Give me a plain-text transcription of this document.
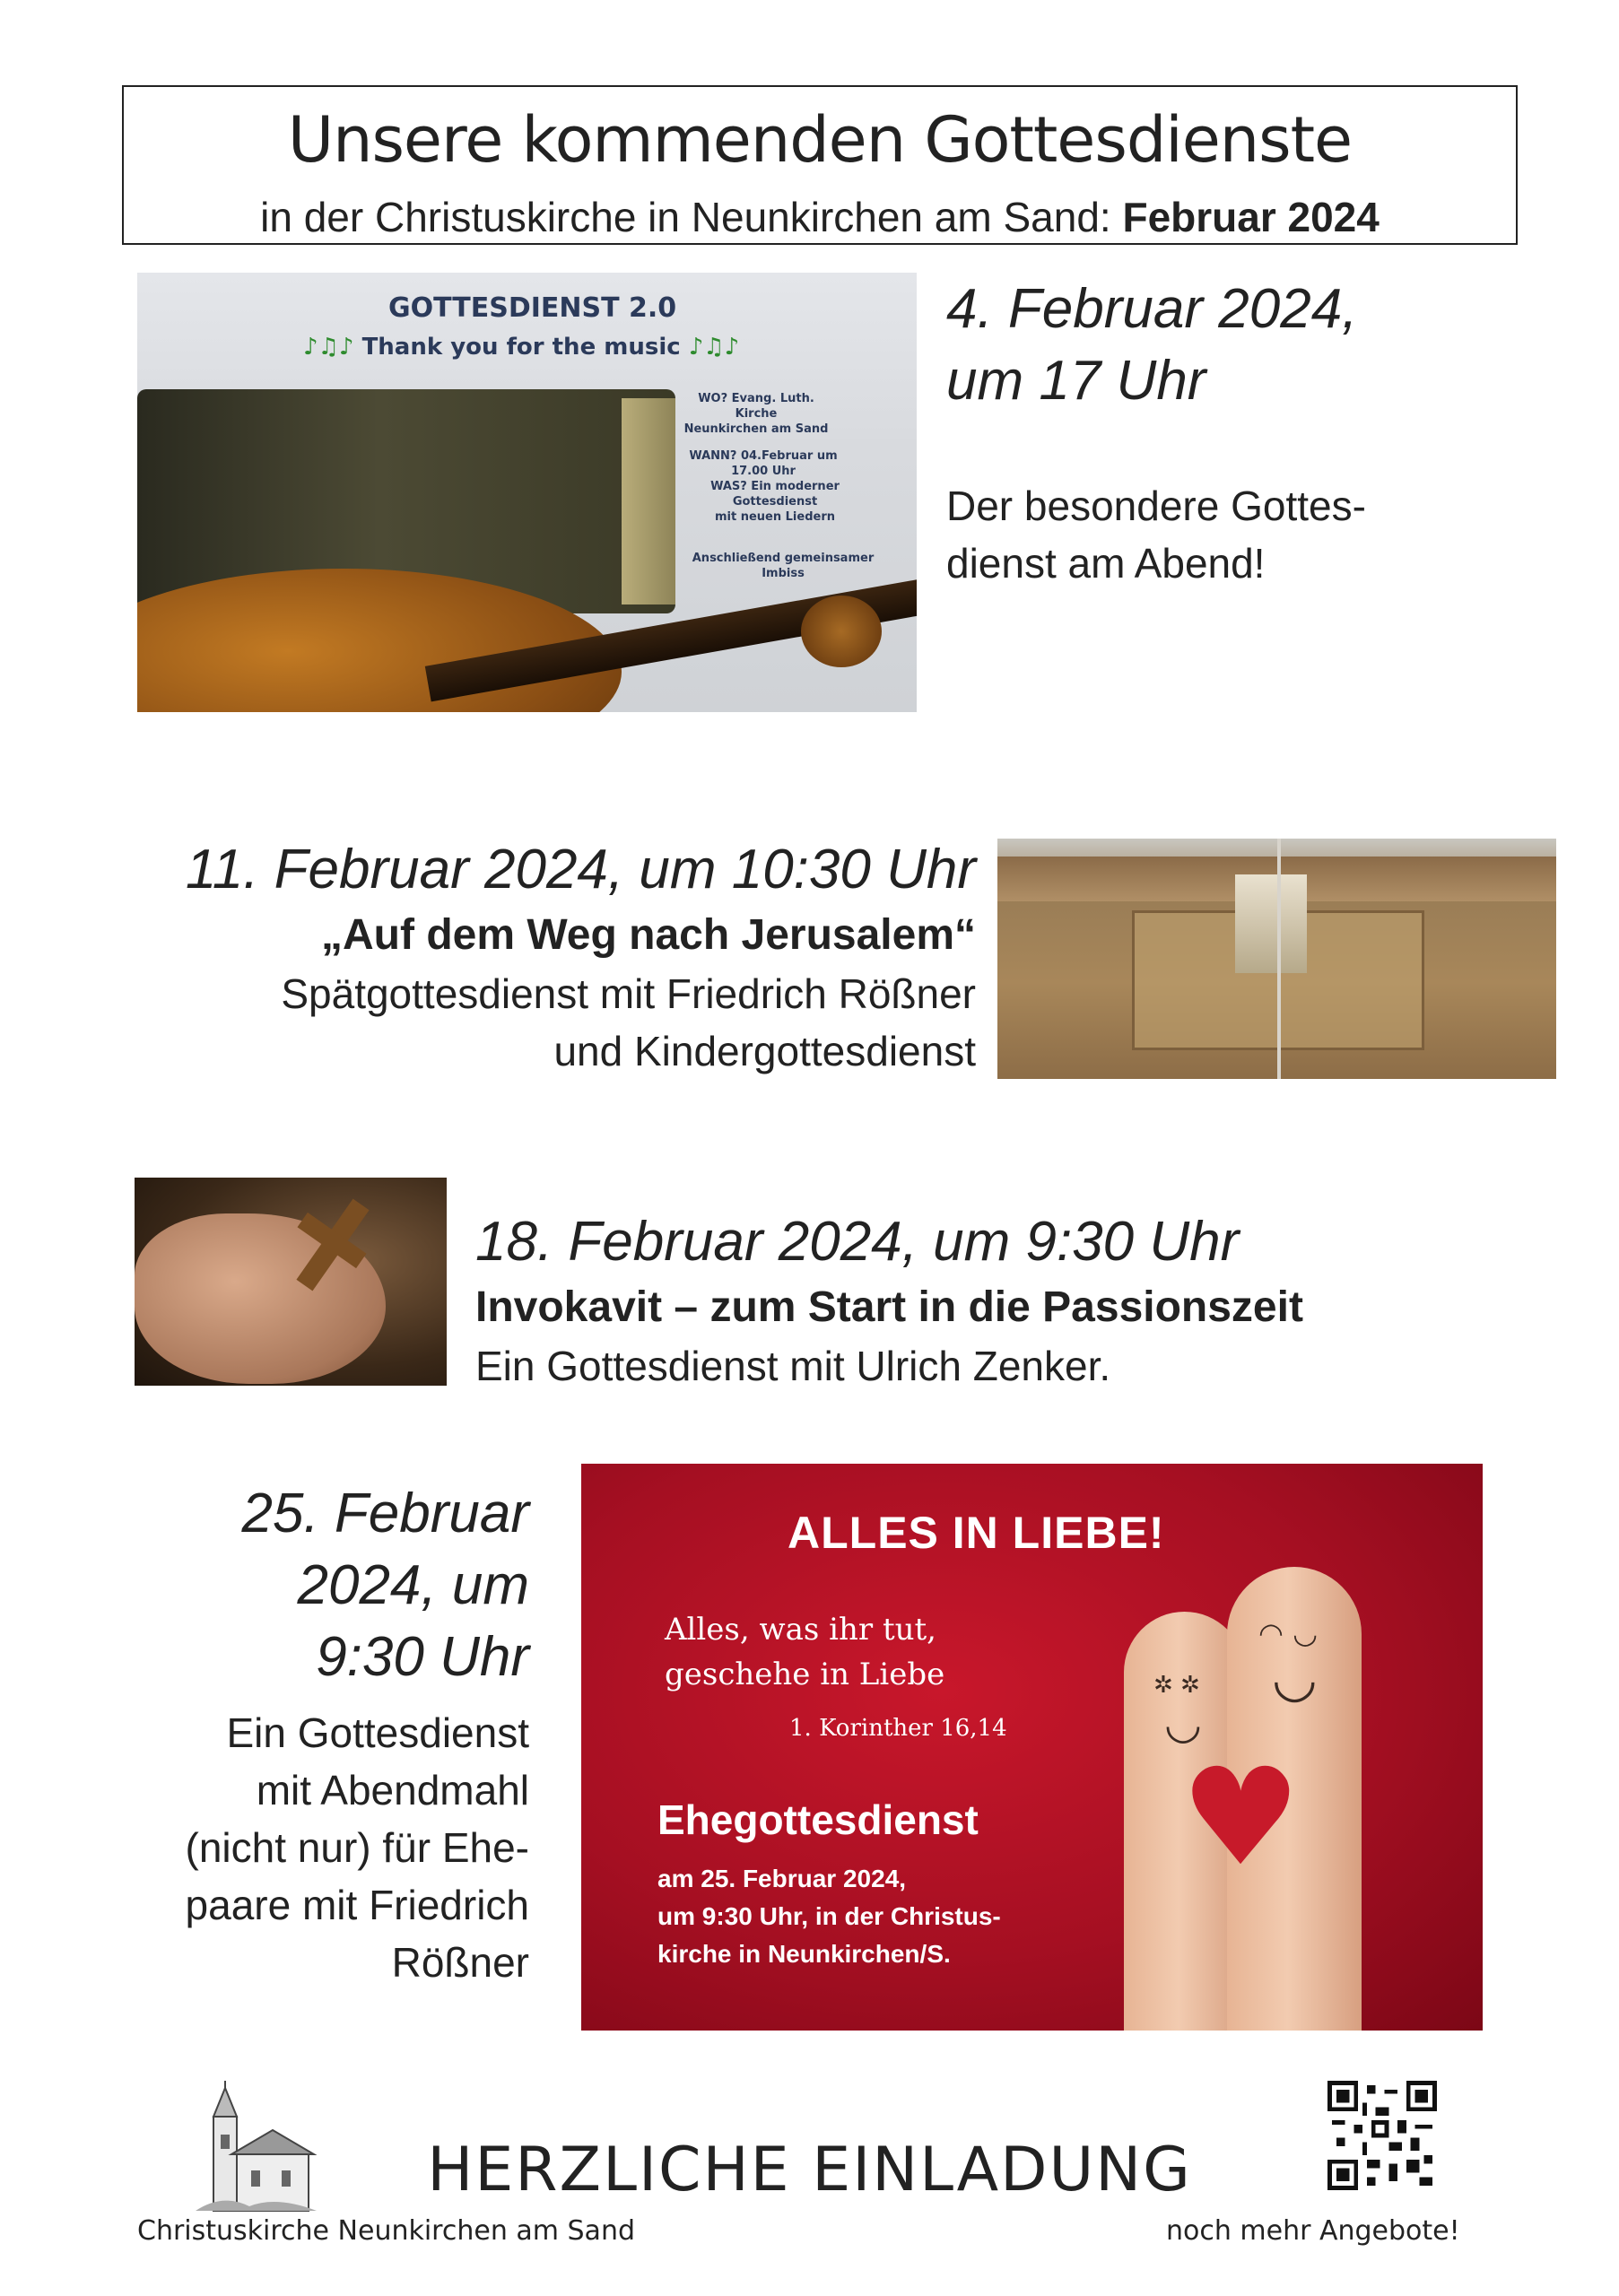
Unsere kommenden Gottesdienste
in der Christuskirche in Neunkirchen am Sand: Februar 2024
GOTTESDIENST 2.0
♪♫♪ Thank you for the music ♪♫♪
WO? Evang. Luth. Kirche
Neunkirchen am Sand
WANN? 04.Februar um 17.00 Uhr
WAS? Ein moderner Gottesdienst
mit neuen Liedern
Anschließend gemeinsamer Imbiss
4. Februar 2024,
um 17 Uhr
Der besondere Gottes-
dienst am Abend!
11. Februar 2024, um 10:30 Uhr
„Auf dem Weg nach Jerusalem“
Spätgottesdienst mit Friedrich Rößner
und Kindergottesdienst
18. Februar 2024, um 9:30 Uhr
Invokavit – zum Start in die Passionszeit
Ein Gottesdienst mit Ulrich Zenker.
25. Februar
2024, um
9:30 Uhr
Ein Gottesdienst
mit Abendmahl
(nicht nur) für Ehe-
paare mit Friedrich
Rößner
ALLES IN LIEBE!
Alles, was ihr tut,
geschehe in Liebe
1. Korinther 16,14
Ehegottesdienst
am 25. Februar 2024,
um 9:30 Uhr, in der Christus-
kirche in Neunkirchen/S.
✲ ✲
◡
◠ ◡
◡
♥
HERZLICHE EINLADUNG
Christuskirche Neunkirchen am Sand	noch mehr Angebote!
